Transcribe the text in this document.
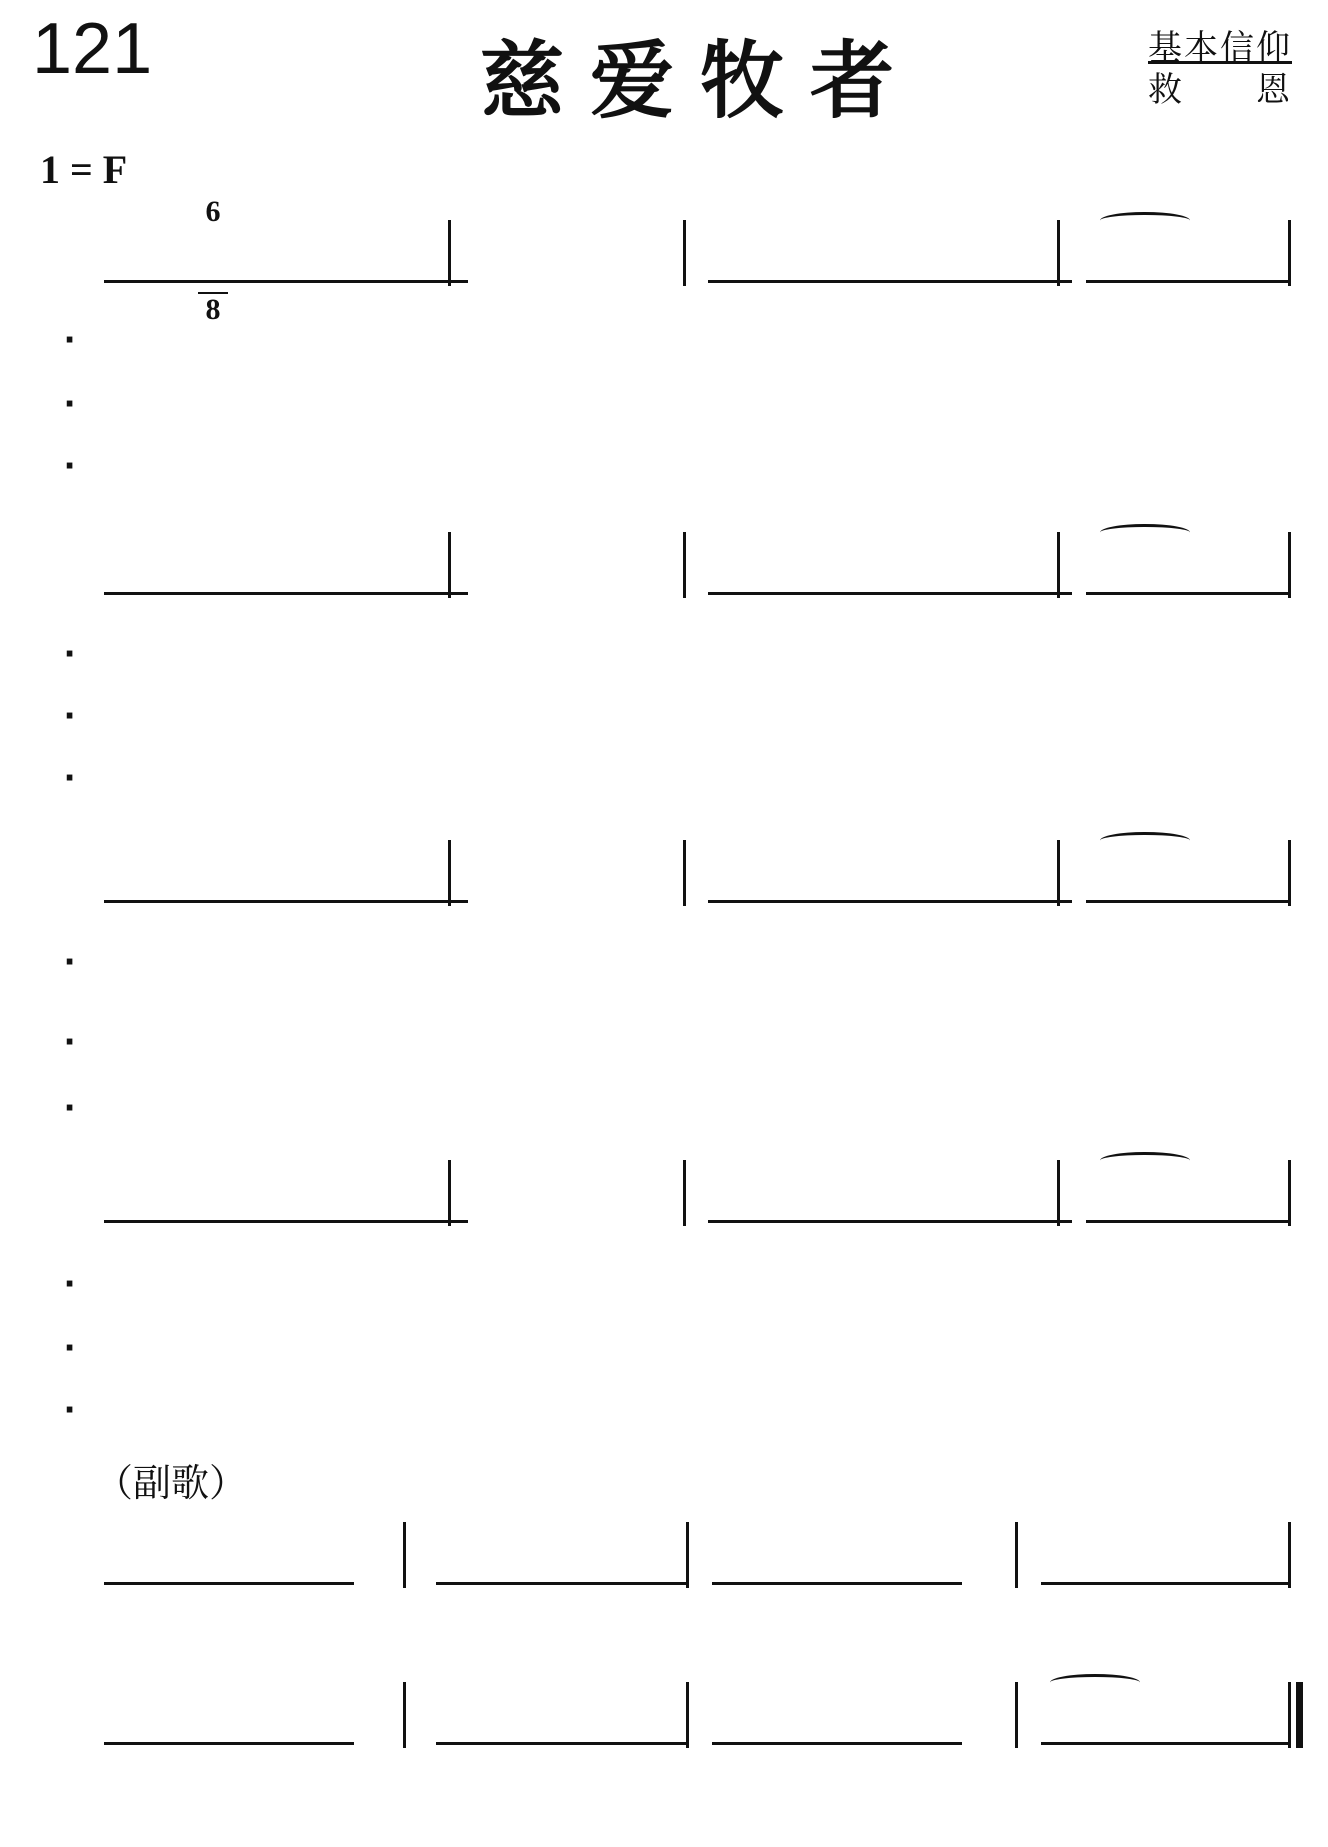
121	慈爱牧者	基本信仰
救　　恩
1 = F

$\frac{6}{8}$

·
·
·
·
·
·
·
·
·
·
·
·
（副歌）
